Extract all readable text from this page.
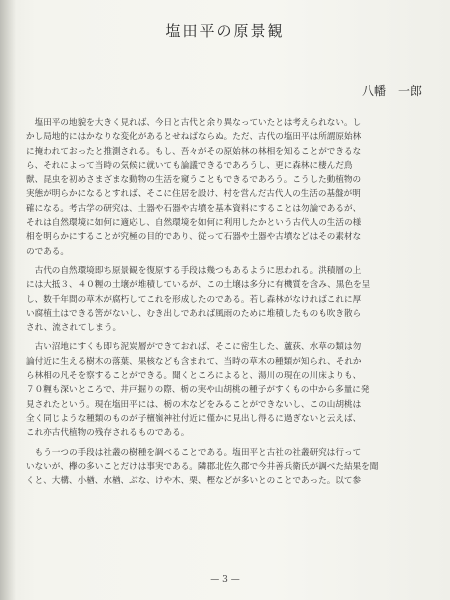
塩田平の原景観
八幡　一郎
　塩田平の地貌を大きく見れば、今日と古代と余り異なっていたとは考えられない。し
かし局地的にはかなりな変化があるとせねばならぬ。ただ、古代の塩田平は所謂原始林
に掩われておったと推測される。もし、吾々がその原始林の林相を知ることができるな
ら、それによって当時の気候に就いても論議できるであろうし、更に森林に棲んだ鳥
獣、昆虫を初めさまざまな動物の生活を窺うこともできるであろう。こうした動植物の
実態が明らかになるとすれば、そこに住居を設け、村を営んだ古代人の生活の基盤が明
確になる。考古学の研究は、土器や石器や古墳を基本資料にすることは勿論であるが、
それは自然環境に如何に適応し、自然環境を如何に利用したかという古代人の生活の様
相を明らかにすることが究極の目的であり、従って石器や土器や古墳などはその素材な
のである。
　古代の自然環境即ち原景観を復原する手段は幾つもあるように思われる。洪積層の上
には大抵３、４０糎の土壌が堆積しているが、この土壌は多分に有機質を含み、黒色を呈
し、数千年間の草木が腐朽してこれを形成したのである。若し森林がなければこれに厚
い腐植土はできる筈がないし、むき出しであれば風雨のために堆積したものも吹き散ら
され、流されてしまう。
　古い沼地にすくも即ち泥炭層ができておれば、そこに密生した、蘆荻、水草の類は勿
論付近に生える樹木の落葉、果核なども含まれて、当時の草木の種類が知られ、それか
ら林相の凡そを察することができる。聞くところによると、湯川の現在の川床よりも、
７０糎も深いところで、井戸掘りの際、栃の実や山胡桃の種子がすくもの中から多量に発
見されたという。現在塩田平には、栃の木などをみることができないし、この山胡桃は
全く同じような種類のものが子檀嶺神社付近に僅かに見出し得るに過ぎないと云えば、
これ亦古代植物の残存されるものである。
　もう一つの手段は社叢の樹種を調べることである。塩田平と古社の社叢研究は行って
いないが、欅の多いことだけは事実である。隣郡北佐久郡で今井善兵衛氏が調べた結果を聞
くと、大構、小楢、水楢、ぶな、けや木、栗、樫などが多いとのことであった。以て参
— 3 —
